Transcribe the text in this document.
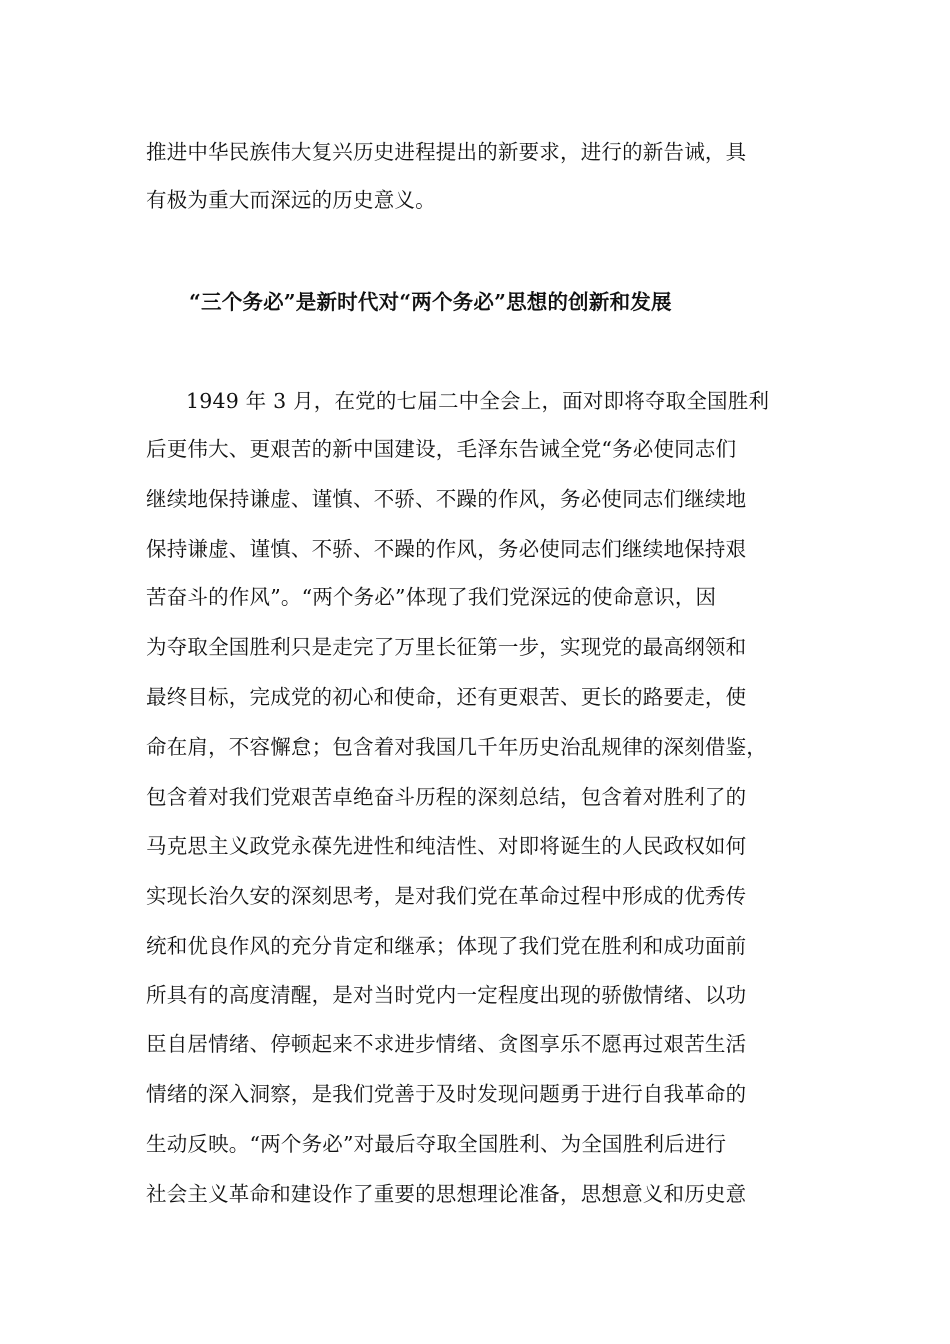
推进中华民族伟大复兴历史进程提出的新要求，进行的新告诫，具
有极为重大而深远的历史意义。
“三个务必”是新时代对“两个务必”思想的创新和发展
1949 年 3 月，在党的七届二中全会上，面对即将夺取全国胜利
后更伟大、更艰苦的新中国建设，毛泽东告诫全党“务必使同志们
继续地保持谦虚、谨慎、不骄、不躁的作风，务必使同志们继续地
保持谦虚、谨慎、不骄、不躁的作风，务必使同志们继续地保持艰
苦奋斗的作风”。“两个务必”体现了我们党深远的使命意识，因
为夺取全国胜利只是走完了万里长征第一步，实现党的最高纲领和
最终目标，完成党的初心和使命，还有更艰苦、更长的路要走，使
命在肩，不容懈怠；包含着对我国几千年历史治乱规律的深刻借鉴，
包含着对我们党艰苦卓绝奋斗历程的深刻总结，包含着对胜利了的
马克思主义政党永葆先进性和纯洁性、对即将诞生的人民政权如何
实现长治久安的深刻思考，是对我们党在革命过程中形成的优秀传
统和优良作风的充分肯定和继承；体现了我们党在胜利和成功面前
所具有的高度清醒，是对当时党内一定程度出现的骄傲情绪、以功
臣自居情绪、停顿起来不求进步情绪、贪图享乐不愿再过艰苦生活
情绪的深入洞察，是我们党善于及时发现问题勇于进行自我革命的
生动反映。“两个务必”对最后夺取全国胜利、为全国胜利后进行
社会主义革命和建设作了重要的思想理论准备，思想意义和历史意
